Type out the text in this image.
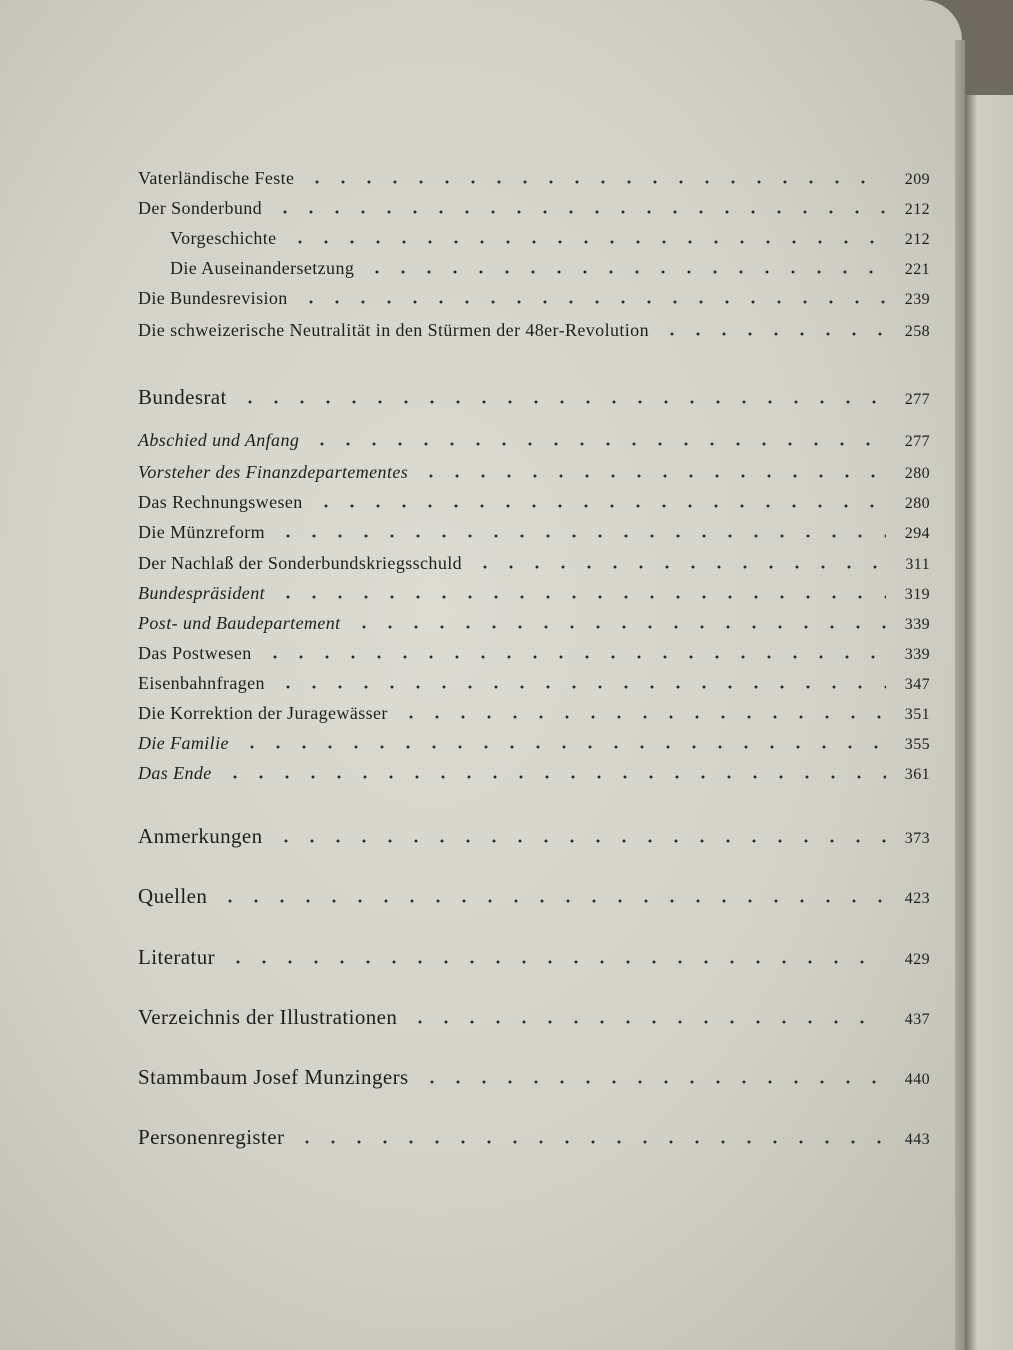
Vaterländische Feste	209
Der Sonderbund	212
Vorgeschichte	212
Die Auseinandersetzung	221
Die Bundesrevision	239
Die schweizerische Neutralität in den Stürmen der 48er-Revolution	258
Bundesrat	277
Abschied und Anfang	277
Vorsteher des Finanzdepartementes	280
Das Rechnungswesen	280
Die Münzreform	294
Der Nachlaß der Sonderbundskriegsschuld	311
Bundespräsident	319
Post- und Baudepartement	339
Das Postwesen	339
Eisenbahnfragen	347
Die Korrektion der Juragewässer	351
Die Familie	355
Das Ende	361
Anmerkungen	373
Quellen	423
Literatur	429
Verzeichnis der Illustrationen	437
Stammbaum Josef Munzingers	440
Personenregister	443
